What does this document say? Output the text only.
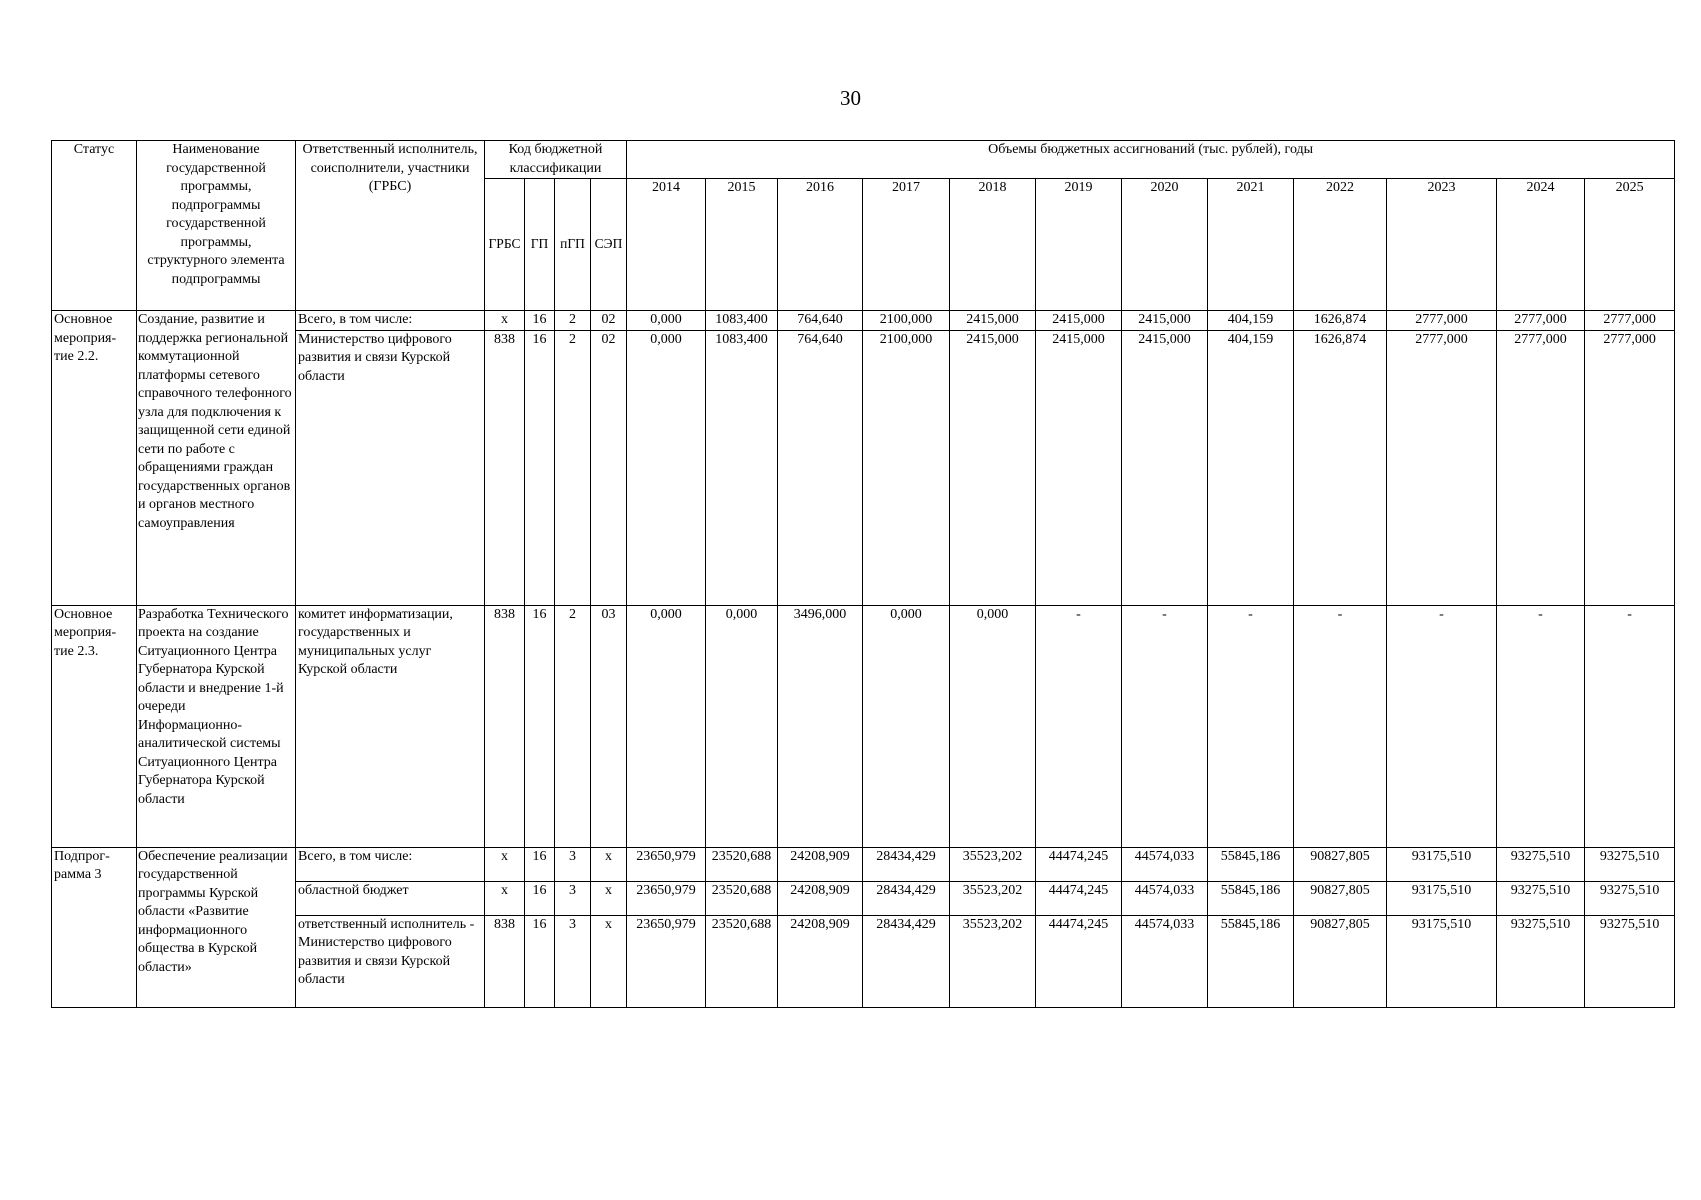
30
Статус	Наименование государственной программы, подпрограммы государственной программы, структурного элемента подпрограммы	Ответственный исполнитель, соисполнители, участники (ГРБС)	Код бюджетной классификации				Объемы бюджетных ассигнований (тыс. рублей), годы											
			ГРБС	ГП	пГП	СЭП	2014	2015	2016	2017	2018	2019	2020	2021	2022	2023	2024	2025
Основное мероприя-тие 2.2.	Создание, развитие и поддержка региональной коммутационной платформы сетевого справочного телефонного узла для подключения к защищенной сети единой сети по работе с обращениями граждан государственных органов и органов местного самоуправления	Всего, в том числе:	х	16	2	02	0,000	1083,400	764,640	2100,000	2415,000	2415,000	2415,000	404,159	1626,874	2777,000	2777,000	2777,000
		Министерство цифрового развития и связи Курской области	838	16	2	02	0,000	1083,400	764,640	2100,000	2415,000	2415,000	2415,000	404,159	1626,874	2777,000	2777,000	2777,000
Основное мероприя-тие 2.3.	Разработка Технического проекта на создание Ситуационного Центра Губернатора Курской области и внедрение 1-й очереди Информационно-аналитической системы Ситуационного Центра Губернатора Курской области	комитет информатизации, государственных и муниципальных услуг Курской области	838	16	2	03	0,000	0,000	3496,000	0,000	0,000	-	-	-	-	-	-	-
Подпрог-рамма 3	Обеспечение реализации государственной программы Курской области «Развитие информационного общества в Курской области»	Всего, в том числе:	х	16	3	х	23650,979	23520,688	24208,909	28434,429	35523,202	44474,245	44574,033	55845,186	90827,805	93175,510	93275,510	93275,510
		областной бюджет	х	16	3	х	23650,979	23520,688	24208,909	28434,429	35523,202	44474,245	44574,033	55845,186	90827,805	93175,510	93275,510	93275,510
		ответственный исполнитель - Министерство цифрового развития и связи Курской области	838	16	3	х	23650,979	23520,688	24208,909	28434,429	35523,202	44474,245	44574,033	55845,186	90827,805	93175,510	93275,510	93275,510
